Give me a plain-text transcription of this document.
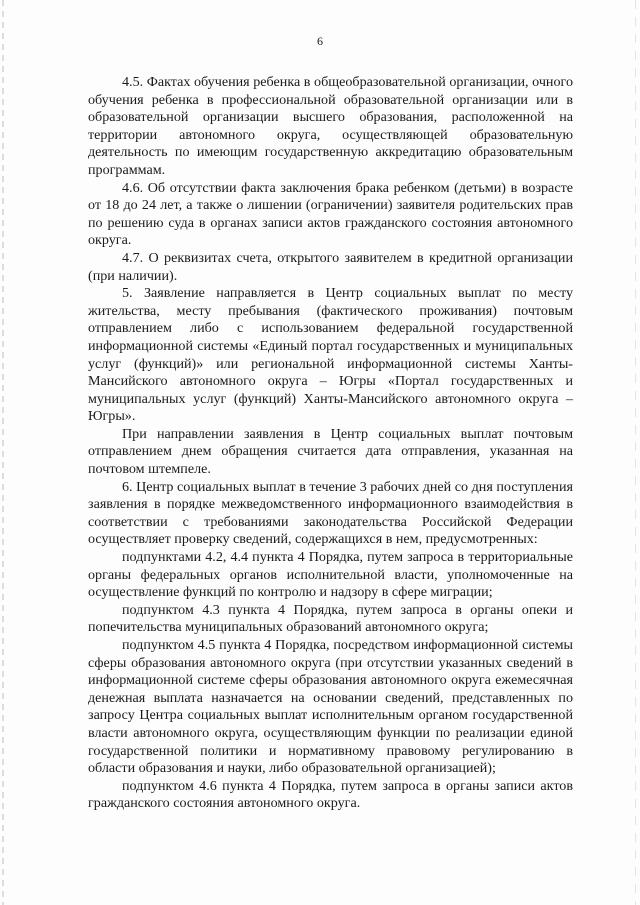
6

4.5. Фактах обучения ребенка в общеобразовательной организации, очного обучения ребенка в профессиональной образовательной организации или в образовательной организации высшего образования, расположенной на территории автономного округа, осуществляющей образовательную деятельность по имеющим государственную аккредитацию образовательным программам.

4.6. Об отсутствии факта заключения брака ребенком (детьми) в возрасте от 18 до 24 лет, а также о лишении (ограничении) заявителя родительских прав по решению суда в органах записи актов гражданского состояния автономного округа.

4.7. О реквизитах счета, открытого заявителем в кредитной организации (при наличии).

5. Заявление направляется в Центр социальных выплат по месту жительства, месту пребывания (фактического проживания) почтовым отправлением либо с использованием федеральной государственной информационной системы «Единый портал государственных и муниципальных услуг (функций)» или региональной информационной системы Ханты-Мансийского автономного округа – Югры «Портал государственных и муниципальных услуг (функций) Ханты-Мансийского автономного округа – Югры».

При направлении заявления в Центр социальных выплат почтовым отправлением днем обращения считается дата отправления, указанная на почтовом штемпеле.

6. Центр социальных выплат в течение 3 рабочих дней со дня поступления заявления в порядке межведомственного информационного взаимодействия в соответствии с требованиями законодательства Российской Федерации осуществляет проверку сведений, содержащихся в нем, предусмотренных:

подпунктами 4.2, 4.4 пункта 4 Порядка, путем запроса в территориальные органы федеральных органов исполнительной власти, уполномоченные на осуществление функций по контролю и надзору в сфере миграции;

подпунктом 4.3 пункта 4 Порядка, путем запроса в органы опеки и попечительства муниципальных образований автономного округа;

подпунктом 4.5 пункта 4 Порядка, посредством информационной системы сферы образования автономного округа (при отсутствии указанных сведений в информационной системе сферы образования автономного округа ежемесячная денежная выплата назначается на основании сведений, представленных по запросу Центра социальных выплат исполнительным органом государственной власти автономного округа, осуществляющим функции по реализации единой государственной политики и нормативному правовому регулированию в области образования и науки, либо образовательной организацией);

подпунктом 4.6 пункта 4 Порядка, путем запроса в органы записи актов гражданского состояния автономного округа.
